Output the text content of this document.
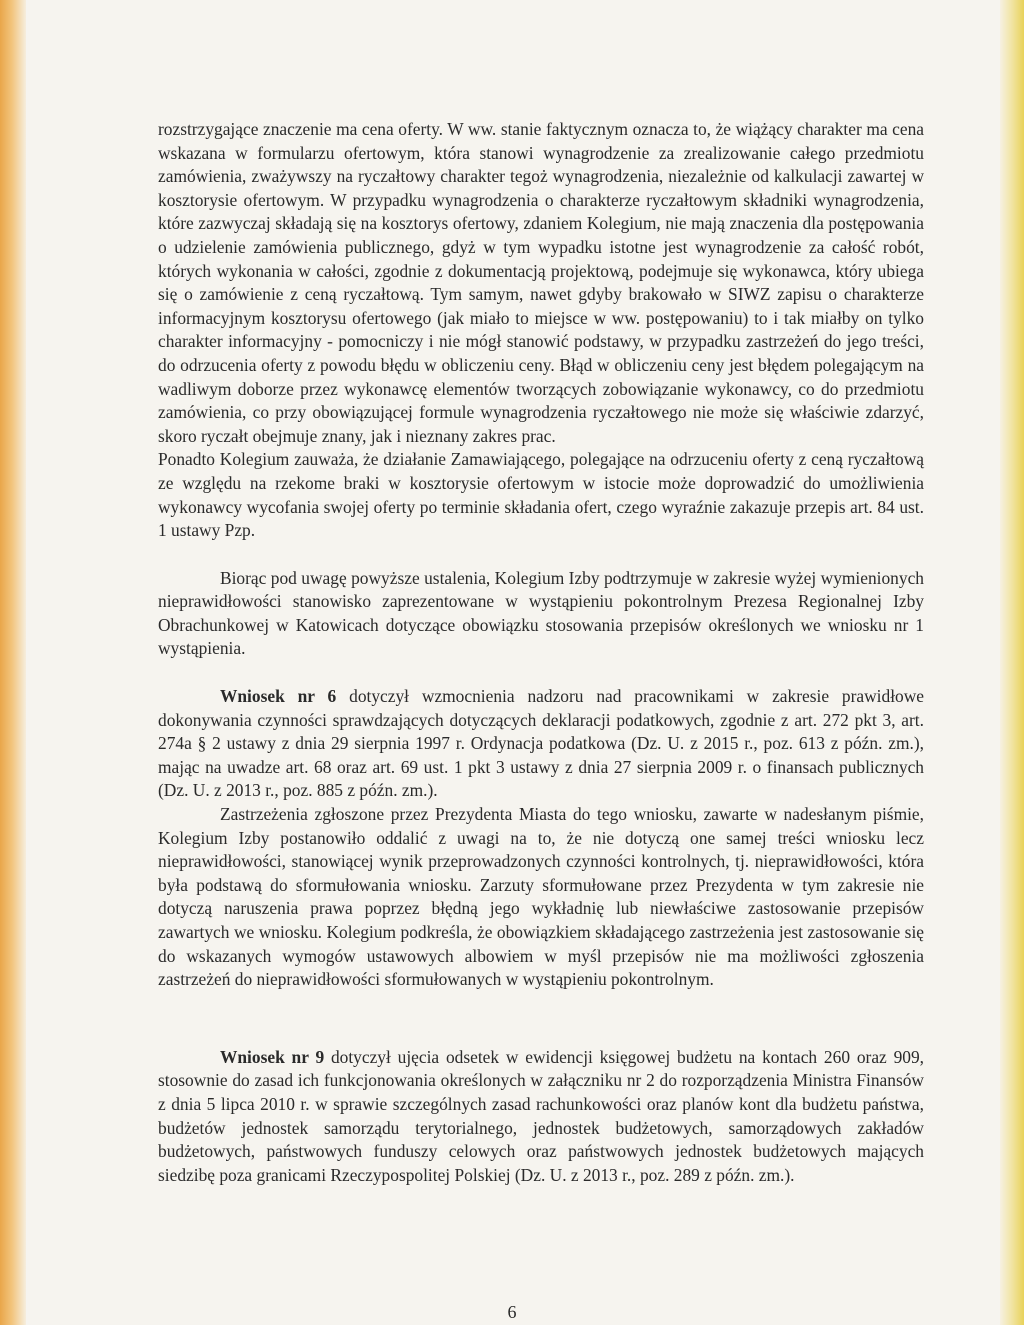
rozstrzygające znaczenie ma cena oferty. W ww. stanie faktycznym oznacza to, że wiążący charakter ma cena wskazana w formularzu ofertowym, która stanowi wynagrodzenie za zrealizowanie całego przedmiotu zamówienia, zważywszy na ryczałtowy charakter tegoż wynagrodzenia, niezależnie od kalkulacji zawartej w kosztorysie ofertowym. W przypadku wynagrodzenia o charakterze ryczałtowym składniki wynagrodzenia, które zazwyczaj składają się na kosztorys ofertowy, zdaniem Kolegium, nie mają znaczenia dla postępowania o udzielenie zamówienia publicznego, gdyż w tym wypadku istotne jest wynagrodzenie za całość robót, których wykonania w całości, zgodnie z dokumentacją projektową, podejmuje się wykonawca, który ubiega się o zamówienie z ceną ryczałtową. Tym samym, nawet gdyby brakowało w SIWZ zapisu o charakterze informacyjnym kosztorysu ofertowego (jak miało to miejsce w ww. postępowaniu) to i tak miałby on tylko charakter informacyjny - pomocniczy i nie mógł stanowić podstawy, w przypadku zastrzeżeń do jego treści, do odrzucenia oferty z powodu błędu w obliczeniu ceny. Błąd w obliczeniu ceny jest błędem polegającym na wadliwym doborze przez wykonawcę elementów tworzących zobowiązanie wykonawcy, co do przedmiotu zamówienia, co przy obowiązującej formule wynagrodzenia ryczałtowego nie może się właściwie zdarzyć, skoro ryczałt obejmuje znany, jak i nieznany zakres prac.

Ponadto Kolegium zauważa, że działanie Zamawiającego, polegające na odrzuceniu oferty z ceną ryczałtową ze względu na rzekome braki w kosztorysie ofertowym w istocie może doprowadzić do umożliwienia wykonawcy wycofania swojej oferty po terminie składania ofert, czego wyraźnie zakazuje przepis art. 84 ust. 1 ustawy Pzp.

Biorąc pod uwagę powyższe ustalenia, Kolegium Izby podtrzymuje w zakresie wyżej wymienionych nieprawidłowości stanowisko zaprezentowane w wystąpieniu pokontrolnym Prezesa Regionalnej Izby Obrachunkowej w Katowicach dotyczące obowiązku stosowania przepisów określonych we wniosku nr 1 wystąpienia.

Wniosek nr 6 dotyczył wzmocnienia nadzoru nad pracownikami w zakresie prawidłowe dokonywania czynności sprawdzających dotyczących deklaracji podatkowych, zgodnie z art. 272 pkt 3, art. 274a § 2 ustawy z dnia 29 sierpnia 1997 r. Ordynacja podatkowa (Dz. U. z 2015 r., poz. 613 z późn. zm.), mając na uwadze art. 68 oraz art. 69 ust. 1 pkt 3 ustawy z dnia 27 sierpnia 2009 r. o finansach publicznych (Dz. U. z 2013 r., poz. 885 z późn. zm.).

Zastrzeżenia zgłoszone przez Prezydenta Miasta do tego wniosku, zawarte w nadesłanym piśmie, Kolegium Izby postanowiło oddalić z uwagi na to, że nie dotyczą one samej treści wniosku lecz nieprawidłowości, stanowiącej wynik przeprowadzonych czynności kontrolnych, tj. nieprawidłowości, która była podstawą do sformułowania wniosku. Zarzuty sformułowane przez Prezydenta w tym zakresie nie dotyczą naruszenia prawa poprzez błędną jego wykładnię lub niewłaściwe zastosowanie przepisów zawartych we wniosku. Kolegium podkreśla, że obowiązkiem składającego zastrzeżenia jest zastosowanie się do wskazanych wymogów ustawowych albowiem w myśl przepisów nie ma możliwości zgłoszenia zastrzeżeń do nieprawidłowości sformułowanych w wystąpieniu pokontrolnym.

Wniosek nr 9 dotyczył ujęcia odsetek w ewidencji księgowej budżetu na kontach 260 oraz 909, stosownie do zasad ich funkcjonowania określonych w załączniku nr 2 do rozporządzenia Ministra Finansów z dnia 5 lipca 2010 r. w sprawie szczególnych zasad rachunkowości oraz planów kont dla budżetu państwa, budżetów jednostek samorządu terytorialnego, jednostek budżetowych, samorządowych zakładów budżetowych, państwowych funduszy celowych oraz państwowych jednostek budżetowych mających siedzibę poza granicami Rzeczypospolitej Polskiej (Dz. U. z 2013 r., poz. 289 z późn. zm.).

6
